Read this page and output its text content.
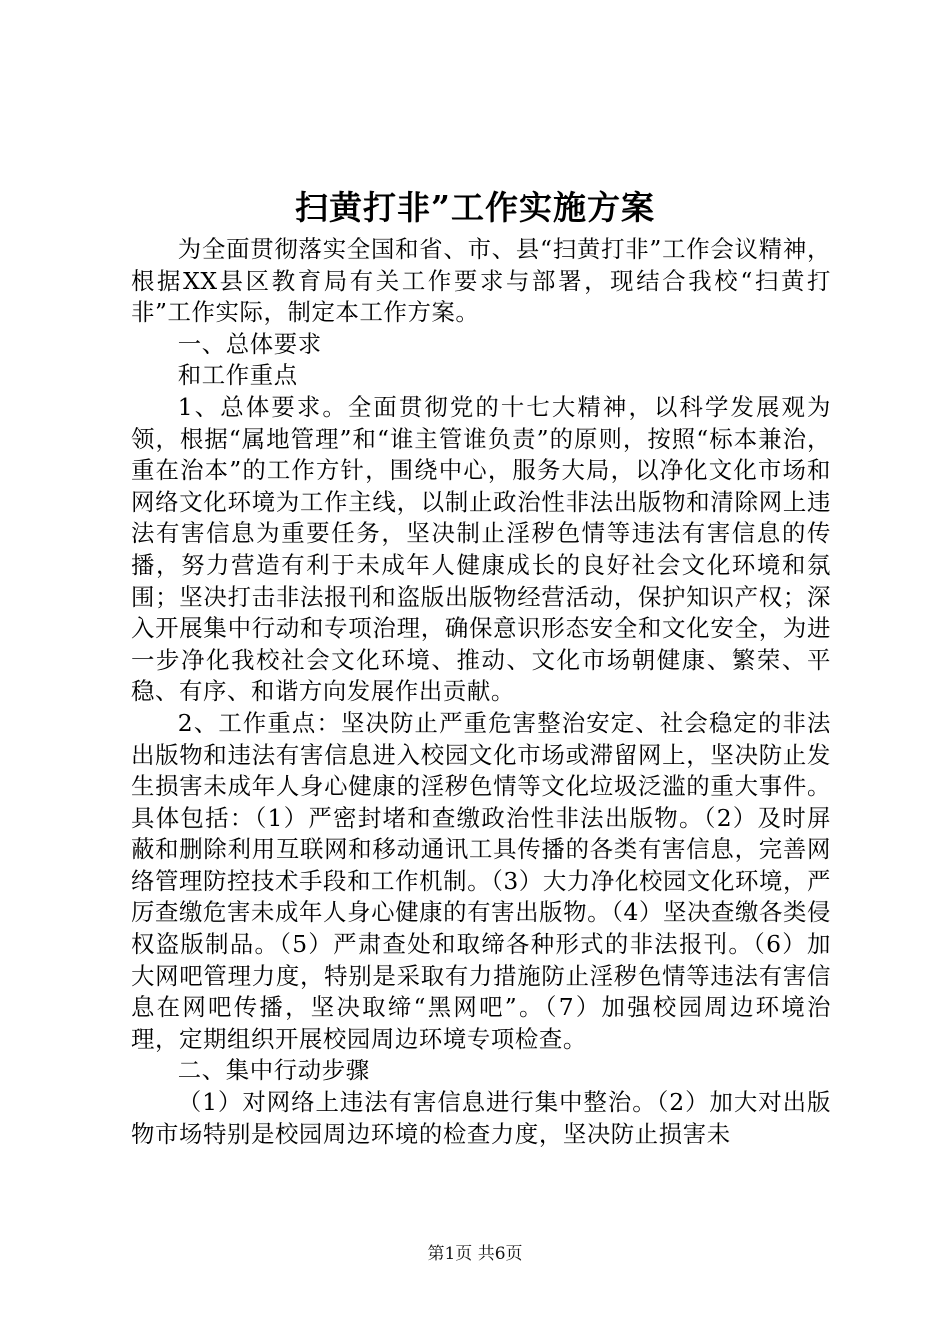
扫黄打非”工作实施方案

为全面贯彻落实全国和省、市、县“扫黄打非”工作会议精神，根据XX县区教育局有关工作要求与部署，现结合我校“扫黄打非”工作实际，制定本工作方案。

一、总体要求

和工作重点

1、总体要求。全面贯彻党的十七大精神，以科学发展观为领，根据“属地管理”和“谁主管谁负责”的原则，按照“标本兼治，重在治本”的工作方针，围绕中心，服务大局，以净化文化市场和网络文化环境为工作主线，以制止政治性非法出版物和清除网上违法有害信息为重要任务，坚决制止淫秽色情等违法有害信息的传播，努力营造有利于未成年人健康成长的良好社会文化环境和氛围；坚决打击非法报刊和盗版出版物经营活动，保护知识产权；深入开展集中行动和专项治理，确保意识形态安全和文化安全，为进一步净化我校社会文化环境、推动、文化市场朝健康、繁荣、平稳、有序、和谐方向发展作出贡献。

2、工作重点：坚决防止严重危害整治安定、社会稳定的非法出版物和违法有害信息进入校园文化市场或滞留网上，坚决防止发生损害未成年人身心健康的淫秽色情等文化垃圾泛滥的重大事件。具体包括：（1）严密封堵和查缴政治性非法出版物。（2）及时屏蔽和删除利用互联网和移动通讯工具传播的各类有害信息，完善网络管理防控技术手段和工作机制。（3）大力净化校园文化环境，严厉查缴危害未成年人身心健康的有害出版物。（4）坚决查缴各类侵权盗版制品。（5）严肃查处和取缔各种形式的非法报刊。（6）加大网吧管理力度，特别是采取有力措施防止淫秽色情等违法有害信息在网吧传播，坚决取缔“黑网吧”。（7）加强校园周边环境治理，定期组织开展校园周边环境专项检查。

二、集中行动步骤

（1）对网络上违法有害信息进行集中整治。（2）加大对出版物市场特别是校园周边环境的检查力度，坚决防止损害未

第1页 共6页
